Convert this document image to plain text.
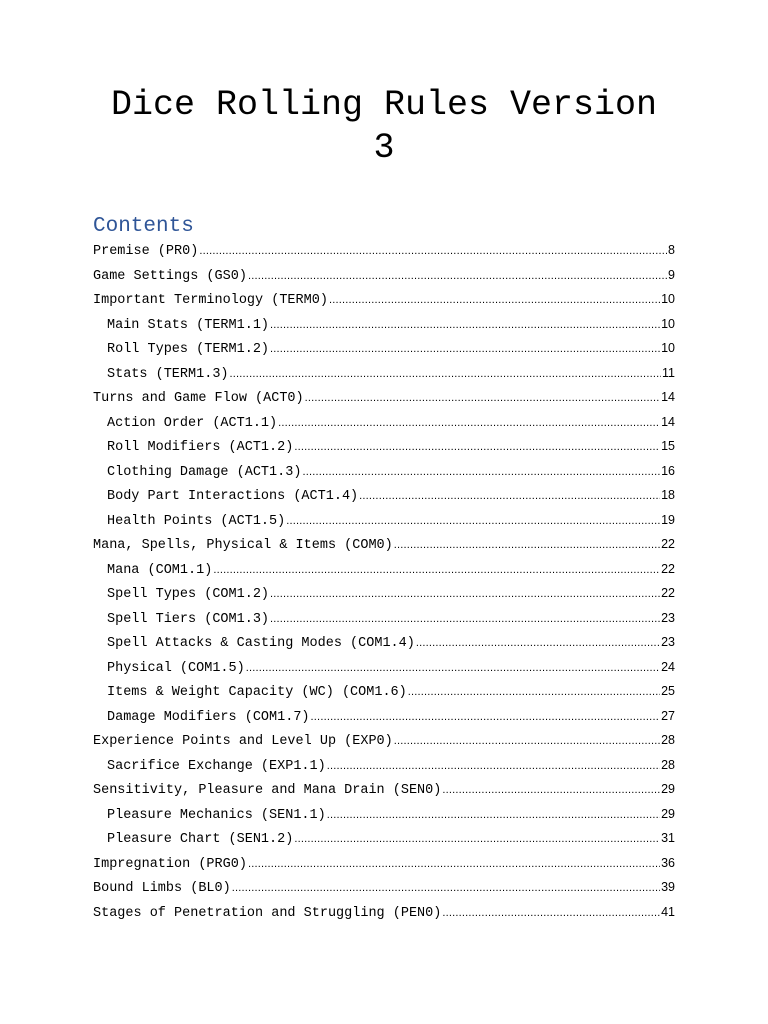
Dice Rolling Rules Version 3
Contents
Premise (PR0) .....	8
Game Settings (GS0) .....	9
Important Terminology (TERM0) .....	10
Main Stats (TERM1.1) .....	10
Roll Types (TERM1.2) .....	10
Stats (TERM1.3) .....	11
Turns and Game Flow (ACT0) .....	14
Action Order (ACT1.1) .....	14
Roll Modifiers (ACT1.2) .....	15
Clothing Damage (ACT1.3) .....	16
Body Part Interactions (ACT1.4) .....	18
Health Points (ACT1.5) .....	19
Mana, Spells, Physical & Items (COM0) .....	22
Mana (COM1.1) .....	22
Spell Types (COM1.2) .....	22
Spell Tiers (COM1.3) .....	23
Spell Attacks & Casting Modes (COM1.4) .....	23
Physical (COM1.5) .....	24
Items & Weight Capacity (WC) (COM1.6) .....	25
Damage Modifiers (COM1.7) .....	27
Experience Points and Level Up (EXP0) .....	28
Sacrifice Exchange (EXP1.1) .....	28
Sensitivity, Pleasure and Mana Drain (SEN0) .....	29
Pleasure Mechanics (SEN1.1) .....	29
Pleasure Chart (SEN1.2) .....	31
Impregnation (PRG0) .....	36
Bound Limbs (BL0) .....	39
Stages of Penetration and Struggling (PEN0) .....	41
